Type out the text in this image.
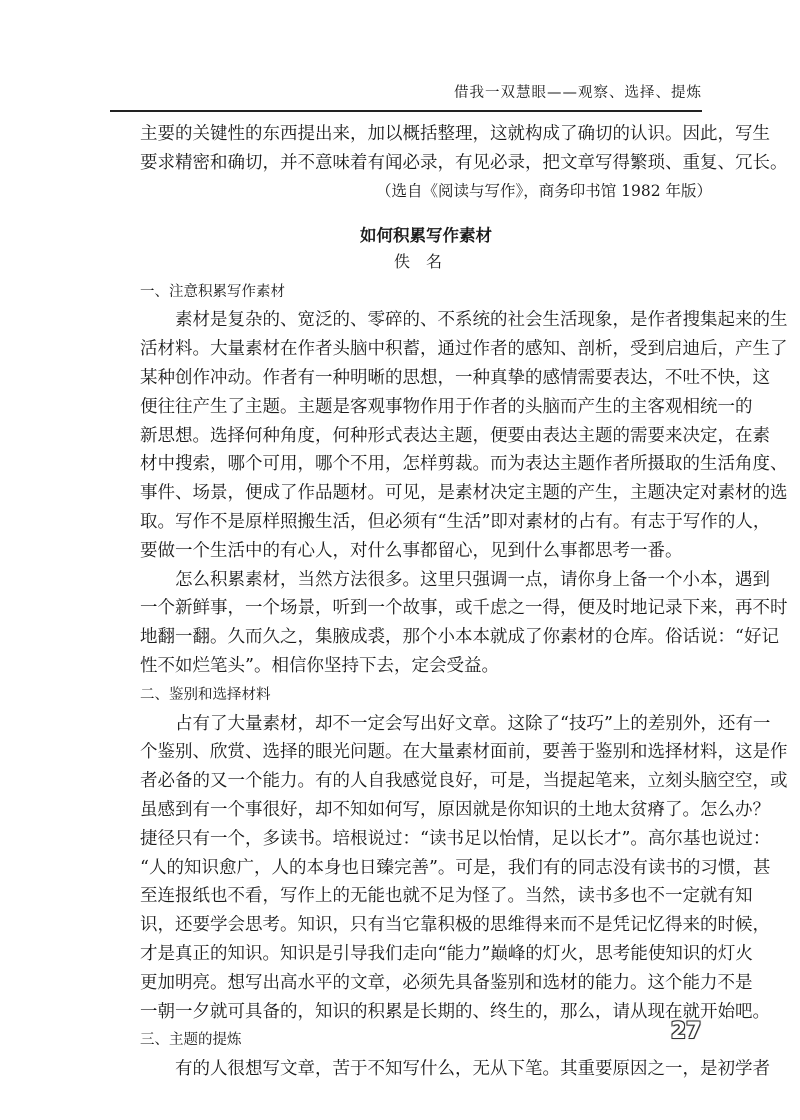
借我一双慧眼——观察、选择、提炼
主要的关键性的东西提出来，加以概括整理，这就构成了确切的认识。因此，写生
要求精密和确切，并不意味着有闻必录，有见必录，把文章写得繁琐、重复、冗长。
（选自《阅读与写作》，商务印书馆 1982 年版）
如何积累写作素材
佚名
一、注意积累写作素材
素材是复杂的、宽泛的、零碎的、不系统的社会生活现象，是作者搜集起来的生
活材料。大量素材在作者头脑中积蓄，通过作者的感知、剖析，受到启迪后，产生了
某种创作冲动。作者有一种明晰的思想，一种真挚的感情需要表达，不吐不快，这
便往往产生了主题。主题是客观事物作用于作者的头脑而产生的主客观相统一的
新思想。选择何种角度，何种形式表达主题，便要由表达主题的需要来决定，在素
材中搜索，哪个可用，哪个不用，怎样剪裁。而为表达主题作者所摄取的生活角度、
事件、场景，便成了作品题材。可见，是素材决定主题的产生，主题决定对素材的选
取。写作不是原样照搬生活，但必须有“生活”即对素材的占有。有志于写作的人，
要做一个生活中的有心人，对什么事都留心，见到什么事都思考一番。
怎么积累素材，当然方法很多。这里只强调一点，请你身上备一个小本，遇到
一个新鲜事，一个场景，听到一个故事，或千虑之一得，便及时地记录下来，再不时
地翻一翻。久而久之，集腋成裘，那个小本本就成了你素材的仓库。俗话说：“好记
性不如烂笔头”。相信你坚持下去，定会受益。
二、鉴别和选择材料
占有了大量素材，却不一定会写出好文章。这除了“技巧”上的差别外，还有一
个鉴别、欣赏、选择的眼光问题。在大量素材面前，要善于鉴别和选择材料，这是作
者必备的又一个能力。有的人自我感觉良好，可是，当提起笔来，立刻头脑空空，或
虽感到有一个事很好，却不知如何写，原因就是你知识的土地太贫瘠了。怎么办？
捷径只有一个，多读书。培根说过：“读书足以怡情，足以长才”。高尔基也说过：
“人的知识愈广，人的本身也日臻完善”。可是，我们有的同志没有读书的习惯，甚
至连报纸也不看，写作上的无能也就不足为怪了。当然，读书多也不一定就有知
识，还要学会思考。知识，只有当它靠积极的思维得来而不是凭记忆得来的时候，
才是真正的知识。知识是引导我们走向“能力”巅峰的灯火，思考能使知识的灯火
更加明亮。想写出高水平的文章，必须先具备鉴别和选材的能力。这个能力不是
一朝一夕就可具备的，知识的积累是长期的、终生的，那么，请从现在就开始吧。
三、主题的提炼
有的人很想写文章，苦于不知写什么，无从下笔。其重要原因之一，是初学者
27
